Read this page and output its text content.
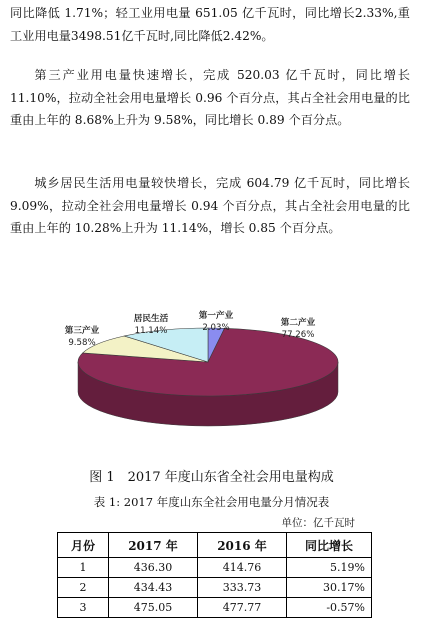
同比降低 1.71%；轻工业用电量 651.05 亿千瓦时，同比增长2.33%,重工业用电量3498.51亿千瓦时,同比降低2.42%。

第三产业用电量快速增长，完成 520.03 亿千瓦时，同比增长 11.10%，拉动全社会用电量增长 0.96 个百分点，其占全社会用电量的比重由上年的 8.68%上升为 9.58%，同比增长 0.89 个百分点。

城乡居民生活用电量较快增长，完成 604.79 亿千瓦时，同比增长 9.09%，拉动全社会用电量增长 0.94 个百分点，其占全社会用电量的比重由上年的 10.28%上升为 11.14%，增长 0.85 个百分点。

第一产业
2.03%	第二产业
77.26%
第三产业
9.58%
居民生活
11.14%
图 1　2017 年度山东省全社会用电量构成
表 1: 2017 年度山东全社会用电量分月情况表
单位：亿千瓦时
月份	2017 年	2016 年	同比增长
1	436.30	414.76	5.19%
2	434.43	333.73	30.17%
3	475.05	477.77	-0.57%
